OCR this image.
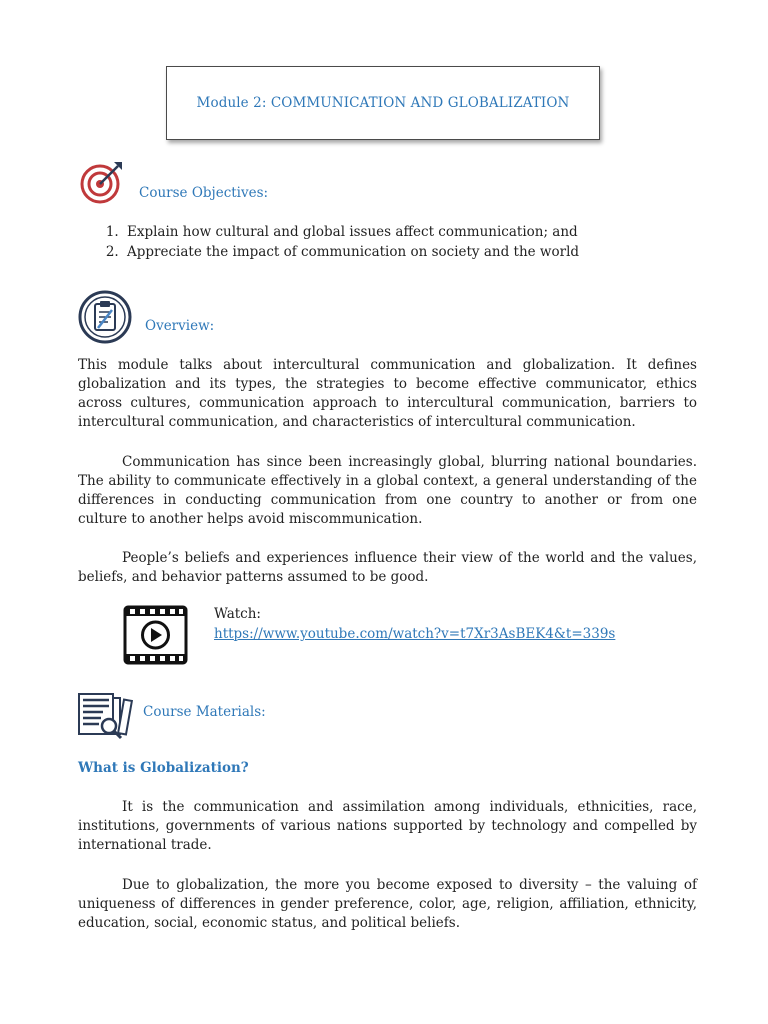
Module 2: COMMUNICATION AND GLOBALIZATION
Course Objectives:
1. Explain how cultural and global issues affect communication; and
2. Appreciate the impact of communication on society and the world
Overview:

This module talks about intercultural communication and globalization. It defines globalization and its types, the strategies to become effective communicator, ethics across cultures, communication approach to intercultural communication, barriers to intercultural communication, and characteristics of intercultural communication.

Communication has since been increasingly global, blurring national boundaries. The ability to communicate effectively in a global context, a general understanding of the differences in conducting communication from one country to another or from one culture to another helps avoid miscommunication.

People’s beliefs and experiences influence their view of the world and the values, beliefs, and behavior patterns assumed to be good.

Watch:
https://www.youtube.com/watch?v=t7Xr3AsBEK4&t=339s
Course Materials:
What is Globalization?

It is the communication and assimilation among individuals, ethnicities, race, institutions, governments of various nations supported by technology and compelled by international trade.

Due to globalization, the more you become exposed to diversity – the valuing of uniqueness of differences in gender preference, color, age, religion, affiliation, ethnicity, education, social, economic status, and political beliefs.
